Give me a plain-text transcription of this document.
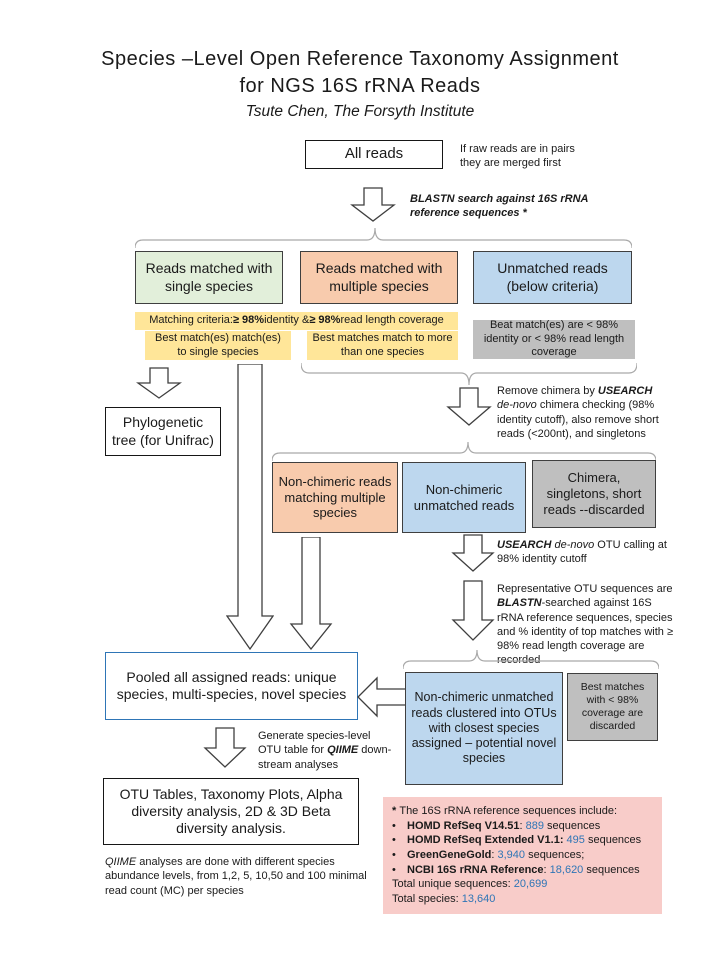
Species –Level Open Reference Taxonomy Assignment
for NGS 16S rRNA Reads
Tsute Chen, The Forsyth Institute
All reads	If raw reads are in pairs they are merged first
BLASTN search against 16S rRNA reference sequences *
Reads matched with single species
Reads matched with multiple species
Unmatched reads (below criteria)
Matching criteria: ≥ 98% identity & ≥ 98% read length coverage
Best match(es) match(es) to single species
Best matches match to more than one species
Beat match(es) are < 98% identity or < 98% read length coverage
Phylogenetic tree (for Unifrac)
Remove chimera by USEARCH de-novo chimera checking (98% identity cutoff), also remove short reads (<200nt), and singletons
Non-chimeric reads matching multiple species
Non-chimeric unmatched reads
Chimera, singletons, short reads --discarded
USEARCH de-novo OTU calling at 98% identity cutoff
Representative OTU sequences are BLASTN-searched against 16S rRNA reference sequences, species and % identity of top matches with ≥ 98% read length coverage are recorded
Pooled all assigned reads: unique species, multi-species, novel species	Non-chimeric unmatched reads clustered into OTUs with closest species assigned – potential novel species
Best matches with < 98% coverage are discarded
Generate species-level OTU table for QIIME down-stream analyses
OTU Tables, Taxonomy Plots, Alpha diversity analysis, 2D & 3D Beta diversity analysis.
QIIME analyses are done with different species abundance levels, from 1,2, 5, 10,50 and 100 minimal read count (MC) per species
* The 16S rRNA reference sequences include:
•	HOMD RefSeq V14.51: 889 sequences
•	HOMD RefSeq Extended V1.1: 495 sequences
•	GreenGeneGold: 3,940 sequences;
•	NCBI 16S rRNA Reference: 18,620 sequences
Total unique sequences: 20,699
Total species: 13,640
